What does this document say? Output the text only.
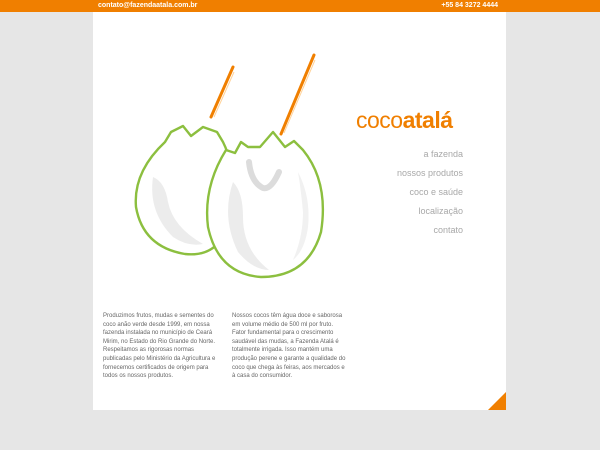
contato@fazendaatala.com.br	+55 84 3272 4444
cocoatalá
a fazenda
nossos produtos
coco e saúde
localização
contato
Produzimos frutos, mudas e sementes do coco anão verde desde 1999, em nossa fazenda instalada no município de Ceará Mirim, no Estado do Rio Grande do Norte. Respeitamos as rigorosas normas publicadas pelo Ministério da Agricultura e fornecemos certificados de origem para todos os nossos produtos.
Nossos cocos têm água doce e saborosa em volume médio de 500 ml por fruto. Fator fundamental para o crescimento saudável das mudas, a Fazenda Atalá é totalmente irrigada. Isso mantém uma produção perene e garante a qualidade do coco que chega às feiras, aos mercados e à casa do consumidor.
